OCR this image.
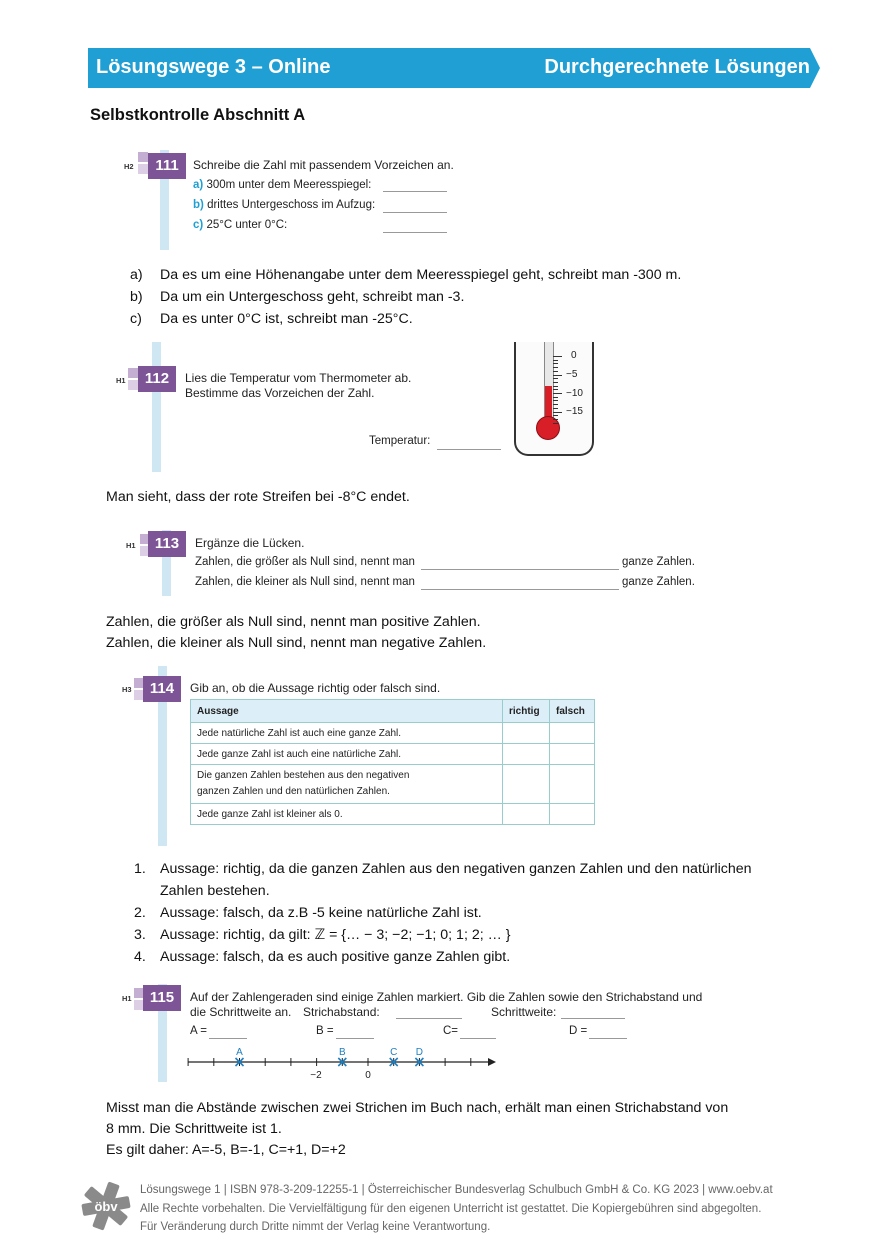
Lösungswege 3 – Online	Durchgerechnete Lösungen
Selbstkontrolle Abschnitt A
H2	111	Schreibe die Zahl mit passendem Vorzeichen an.
a) 300m unter dem Meeresspiegel:
b) drittes Untergeschoss im Aufzug:
c) 25°C unter 0°C:
a) Da es um eine Höhenangabe unter dem Meeresspiegel geht, schreibt man -300 m.
b) Da um ein Untergeschoss geht, schreibt man -3.
c) Da es unter 0°C ist, schreibt man -25°C.
H1	112	Lies die Temperatur vom Thermometer ab.
Bestimme das Vorzeichen der Zahl.
Temperatur:
0
−5
−10
−15
Man sieht, dass der rote Streifen bei -8°C endet.
H1	113	Ergänze die Lücken.
Zahlen, die größer als Null sind, nennt man	ganze Zahlen.
Zahlen, die kleiner als Null sind, nennt man	ganze Zahlen.
Zahlen, die größer als Null sind, nennt man positive Zahlen.
Zahlen, die kleiner als Null sind, nennt man negative Zahlen.
H3	114	Gib an, ob die Aussage richtig oder falsch sind.
Aussage	richtig	falsch
Jede natürliche Zahl ist auch eine ganze Zahl.		
Jede ganze Zahl ist auch eine natürliche Zahl.		
Die ganzen Zahlen bestehen aus den negativen ganzen Zahlen und den natürlichen Zahlen.		
Jede ganze Zahl ist kleiner als 0.		
1. Aussage: richtig, da die ganzen Zahlen aus den negativen ganzen Zahlen und den natürlichen
Zahlen bestehen.
2. Aussage: falsch, da z.B -5 keine natürliche Zahl ist.
3. Aussage: richtig, da gilt: ℤ = {… − 3; −2; −1; 0; 1; 2; … }
4. Aussage: falsch, da es auch positive ganze Zahlen gibt.
H1	115	Auf der Zahlengeraden sind einige Zahlen markiert. Gib die Zahlen sowie den Strichabstand und
die Schrittweite an. Strichabstand:	Schrittweite:
A =	B =	C=	D =
A	B	C D
−2	0
Misst man die Abstände zwischen zwei Strichen im Buch nach, erhält man einen Strichabstand von
8 mm. Die Schrittweite ist 1.
Es gilt daher: A=-5, B=-1, C=+1, D=+2
öbv
Lösungswege 1 | ISBN 978-3-209-12255-1 | Österreichischer Bundesverlag Schulbuch GmbH & Co. KG 2023 | www.oebv.at
Alle Rechte vorbehalten. Die Vervielfältigung für den eigenen Unterricht ist gestattet. Die Kopiergebühren sind abgegolten.
Für Veränderung durch Dritte nimmt der Verlag keine Verantwortung.
